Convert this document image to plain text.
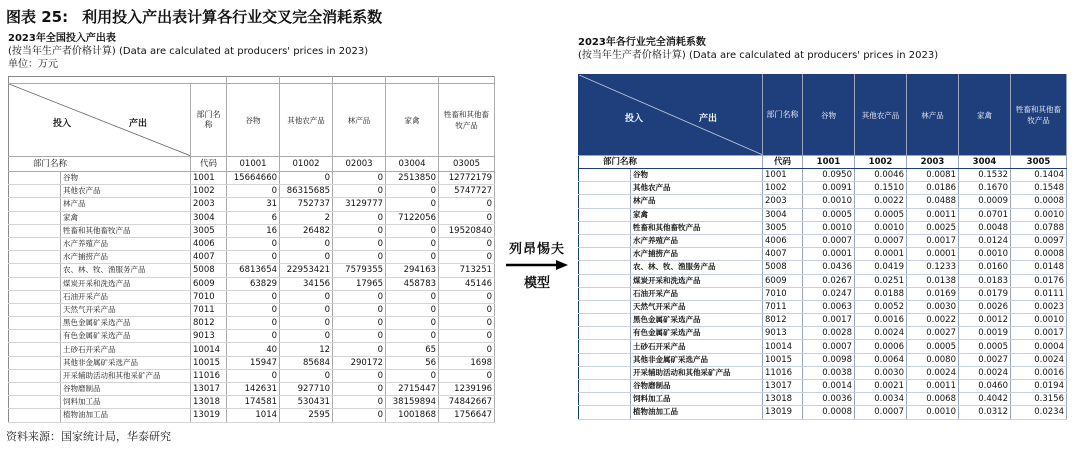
图表 25: 利用投入产出表计算各行业交叉完全消耗系数
2023年全国投入产出表
(按当年生产者价格计算) (Data are calculated at producers' prices in 2023)
单位：万元

投入 产出		部门名称	谷物	其他农产品	林产品	家禽	牲畜和其他畜牧产品
部门名称		代码	01001	01002	02003	03004	03005
	谷物	1001	15664660	0	0	2513850	12772179
	其他农产品	1002	0	86315685	0	0	5747727
	林产品	2003	31	752737	3129777	0	0
	家禽	3004	6	2	0	7122056	0
	牲畜和其他畜牧产品	3005	16	26482	0	0	19520840
	水产养殖产品	4006	0	0	0	0	0
	水产捕捞产品	4007	0	0	0	0	0
	农、林、牧、渔服务产品	5008	6813654	22953421	7579355	294163	713251
	煤炭开采和洗选产品	6009	63829	34156	17965	458783	45146
	石油开采产品	7010	0	0	0	0	0
	天然气开采产品	7011	0	0	0	0	0
	黑色金属矿采选产品	8012	0	0	0	0	0
	有色金属矿采选产品	9013	0	0	0	0	0
	土砂石开采产品	10014	40	12	0	65	0
	其他非金属矿采选产品	10015	15947	85684	290172	56	1698
	开采辅助活动和其他采矿产品	11016	0	0	0	0	0
	谷物磨制品	13017	142631	927710	0	2715447	1239196
	饲料加工品	13018	174581	530431	0	38159894	74842667
	植物油加工品	13019	1014	2595	0	1001868	1756647
列昂惕夫
模型
2023年各行业完全消耗系数
(按当年生产者价格计算) (Data are calculated at producers' prices in 2023)
投入 产出		部门名称	谷物	其他农产品	林产品	家禽	牲畜和其他畜牧产品
部门名称		代码	1001	1002	2003	3004	3005
	谷物	1001	0.0950	0.0046	0.0081	0.1532	0.1404
	其他农产品	1002	0.0091	0.1510	0.0186	0.1670	0.1548
	林产品	2003	0.0010	0.0022	0.0488	0.0009	0.0008
	家禽	3004	0.0005	0.0005	0.0011	0.0701	0.0010
	牲畜和其他畜牧产品	3005	0.0010	0.0010	0.0025	0.0048	0.0788
	水产养殖产品	4006	0.0007	0.0007	0.0017	0.0124	0.0097
	水产捕捞产品	4007	0.0001	0.0001	0.0001	0.0010	0.0008
	农、林、牧、渔服务产品	5008	0.0436	0.0419	0.1233	0.0160	0.0148
	煤炭开采和洗选产品	6009	0.0267	0.0251	0.0138	0.0183	0.0176
	石油开采产品	7010	0.0247	0.0188	0.0169	0.0179	0.0111
	天然气开采产品	7011	0.0063	0.0052	0.0030	0.0026	0.0023
	黑色金属矿采选产品	8012	0.0017	0.0016	0.0022	0.0012	0.0010
	有色金属矿采选产品	9013	0.0028	0.0024	0.0027	0.0019	0.0017
	土砂石开采产品	10014	0.0007	0.0006	0.0005	0.0005	0.0004
	其他非金属矿采选产品	10015	0.0098	0.0064	0.0080	0.0027	0.0024
	开采辅助活动和其他采矿产品	11016	0.0038	0.0030	0.0024	0.0024	0.0016
	谷物磨制品	13017	0.0014	0.0021	0.0011	0.0460	0.0194
	饲料加工品	13018	0.0036	0.0034	0.0068	0.4042	0.3156
	植物油加工品	13019	0.0008	0.0007	0.0010	0.0312	0.0234
资料来源：国家统计局，华泰研究
